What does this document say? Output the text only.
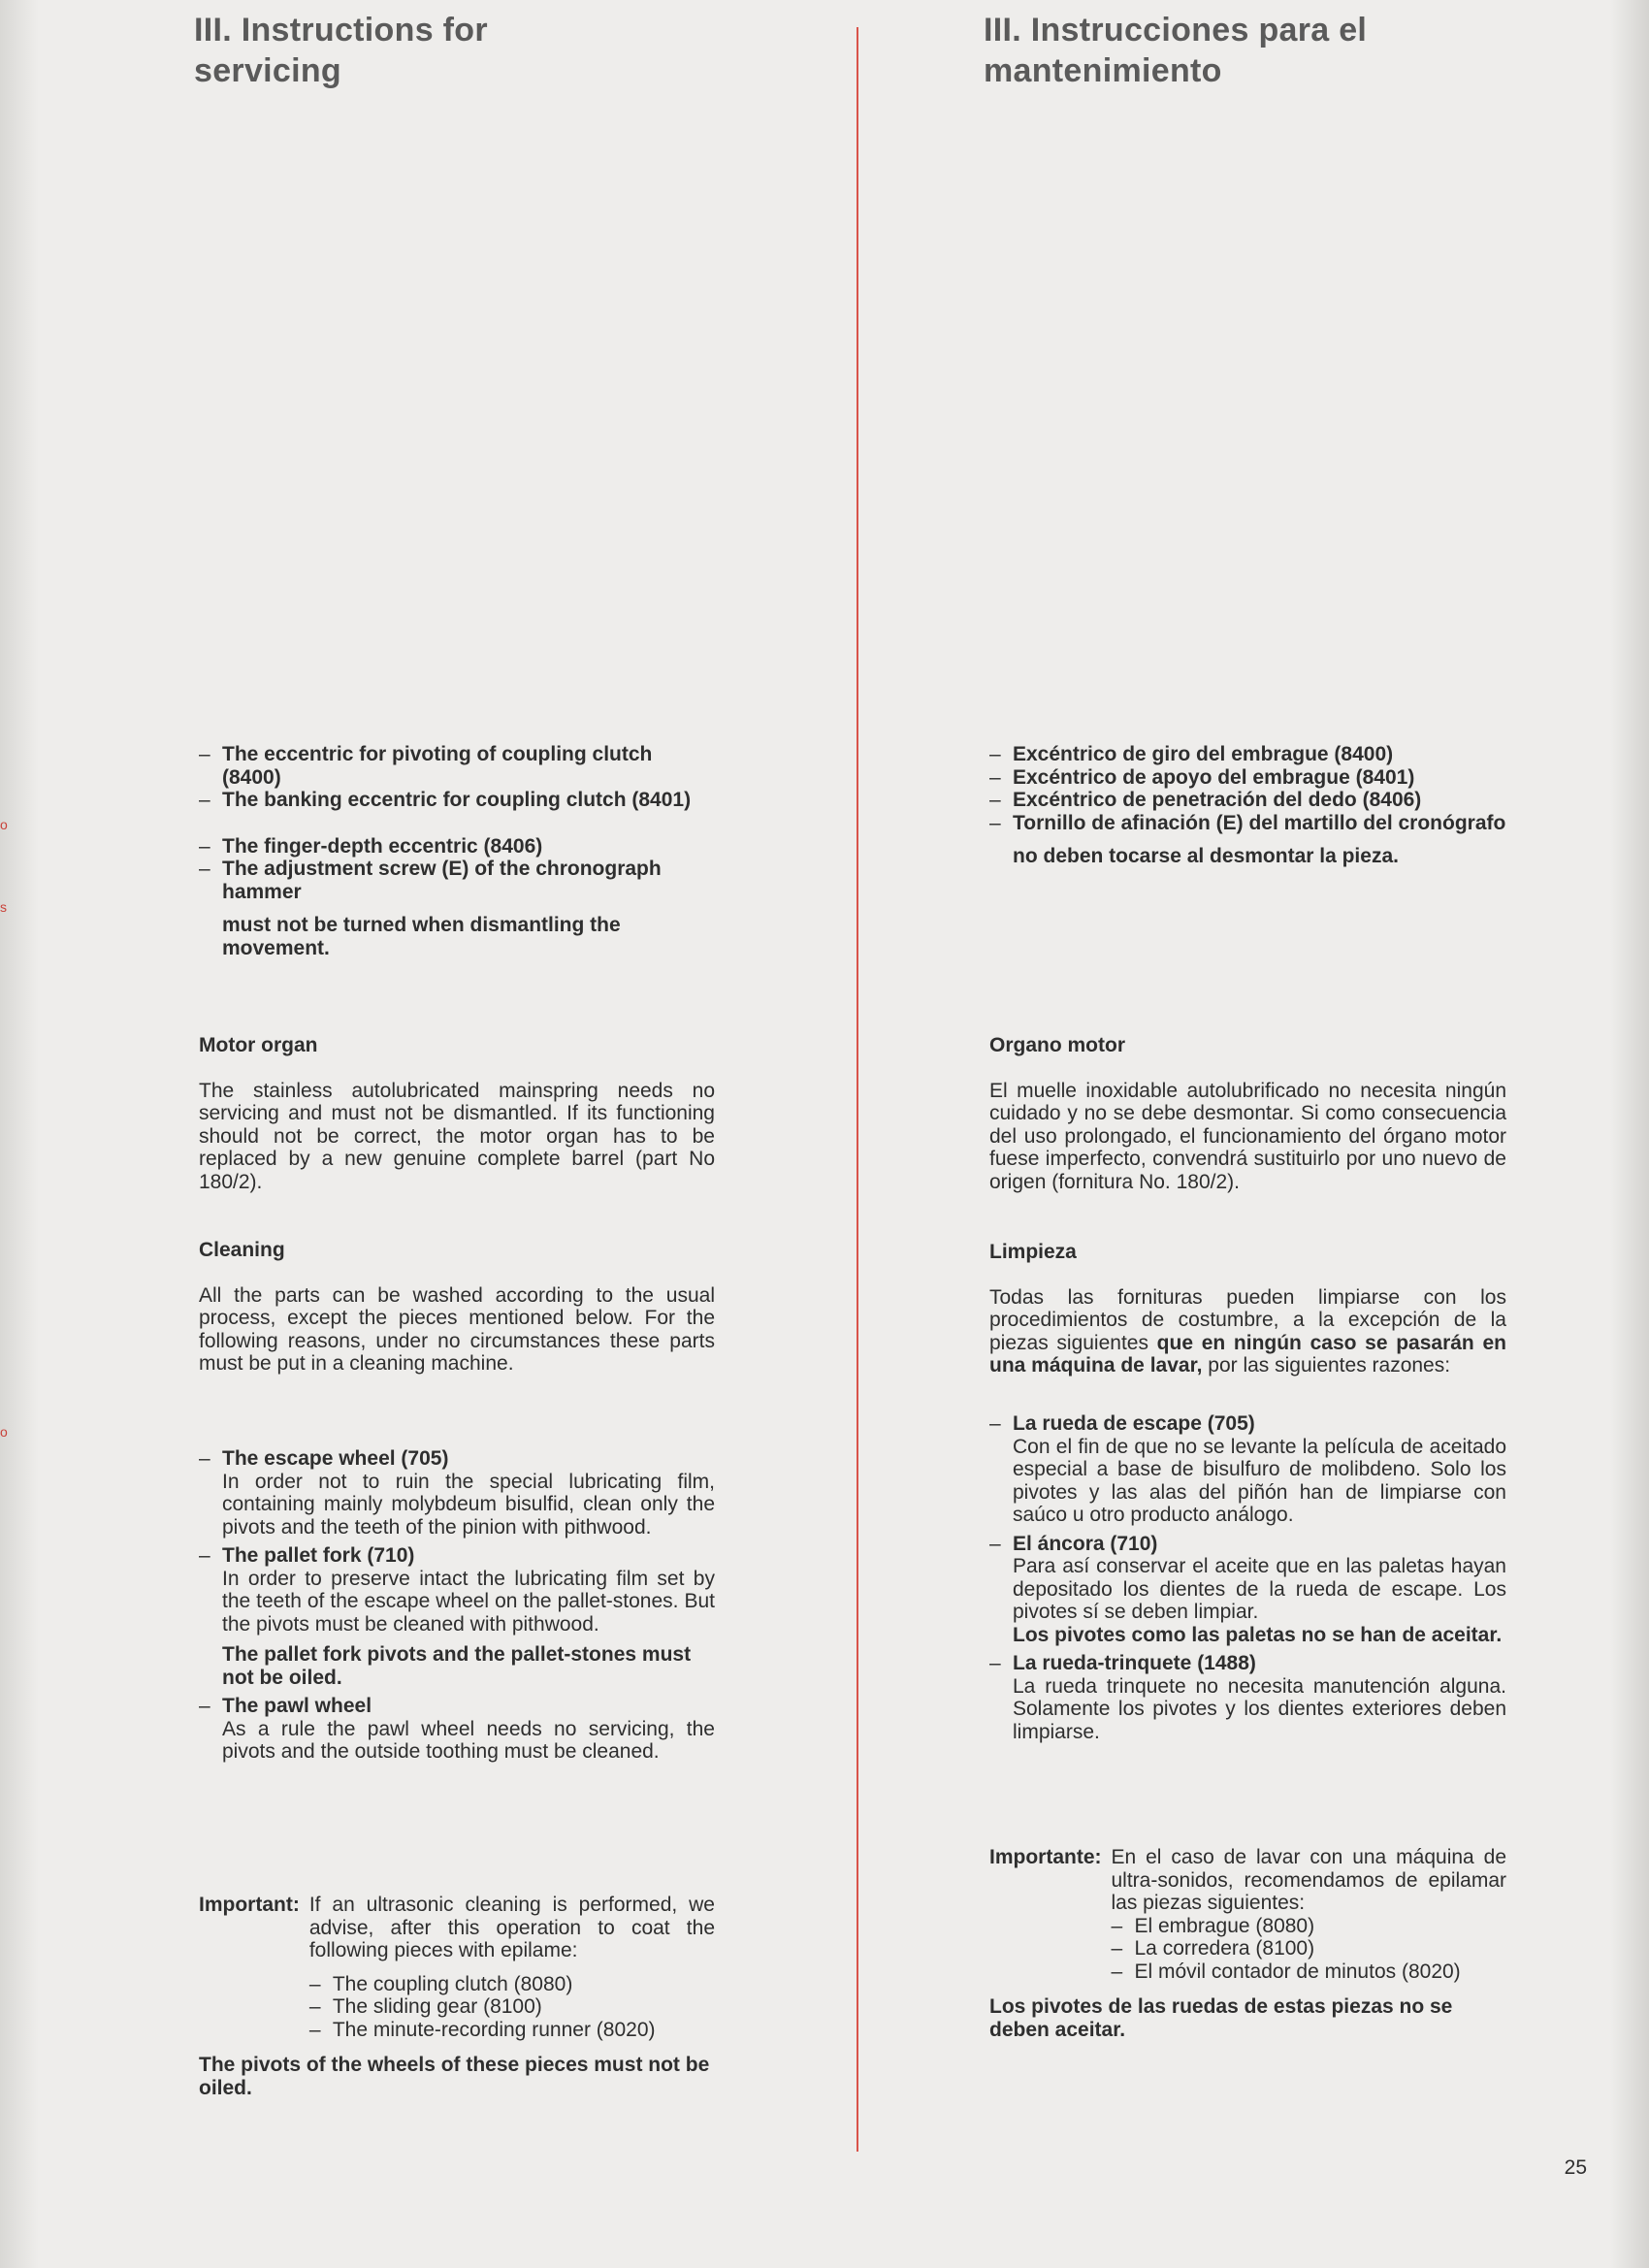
o
s
o
III. Instructions for
servicing
III. Instrucciones para el
mantenimiento
– The eccentric for pivoting of coupling clutch (8400)
– The banking eccentric for coupling clutch (8401)
– The finger-depth eccentric (8406)
– The adjustment screw (E) of the chronograph hammer

must not be turned when dismantling the movement.

Motor organ

The stainless autolubricated mainspring needs no servicing and must not be dismantled. If its functioning should not be correct, the motor organ has to be replaced by a new genuine complete barrel (part No 180/2).

Cleaning

All the parts can be washed according to the usual process, except the pieces mentioned below. For the following reasons, under no circumstances these parts must be put in a cleaning machine.

– The escape wheel (705)
In order not to ruin the special lubricating film, containing mainly molybdeum bisulfid, clean only the pivots and the teeth of the pinion with pithwood.
– The pallet fork (710)
In order to preserve intact the lubricating film set by the teeth of the escape wheel on the pallet-stones. But the pivots must be cleaned with pithwood.
The pallet fork pivots and the pallet-stones must not be oiled.
– The pawl wheel
As a rule the pawl wheel needs no servicing, the pivots and the outside toothing must be cleaned.
Important: If an ultrasonic cleaning is performed, we advise, after this operation to coat the following pieces with epilame:

– The coupling clutch (8080)
– The sliding gear (8100)
– The minute-recording runner (8020)

The pivots of the wheels of these pieces must not be oiled.

– Excéntrico de giro del embrague (8400)
– Excéntrico de apoyo del embrague (8401)
– Excéntrico de penetración del dedo (8406)
– Tornillo de afinación (E) del martillo del cronógrafo

no deben tocarse al desmontar la pieza.

Organo motor

El muelle inoxidable autolubrificado no necesita ningún cuidado y no se debe desmontar. Si como consecuencia del uso prolongado, el funcionamiento del órgano motor fuese imperfecto, convendrá sustituirlo por uno nuevo de origen (fornitura No. 180/2).

Limpieza

Todas las fornituras pueden limpiarse con los procedimientos de costumbre, a la excepción de la piezas siguientes que en ningún caso se pasarán en una máquina de lavar, por las siguientes razones:

– La rueda de escape (705)
Con el fin de que no se levante la película de aceitado especial a base de bisulfuro de molibdeno. Solo los pivotes y las alas del piñón han de limpiarse con saúco u otro producto análogo.
– El áncora (710)
Para así conservar el aceite que en las paletas hayan depositado los dientes de la rueda de escape. Los pivotes sí se deben limpiar.
Los pivotes como las paletas no se han de aceitar.
– La rueda-trinquete (1488)
La rueda trinquete no necesita manutención alguna. Solamente los pivotes y los dientes exteriores deben limpiarse.
Importante: En el caso de lavar con una máquina de ultra-sonidos, recomendamos de epilamar las piezas siguientes:

– El embrague (8080)
– La corredera (8100)
– El móvil contador de minutos (8020)

Los pivotes de las ruedas de estas piezas no se deben aceitar.

25
